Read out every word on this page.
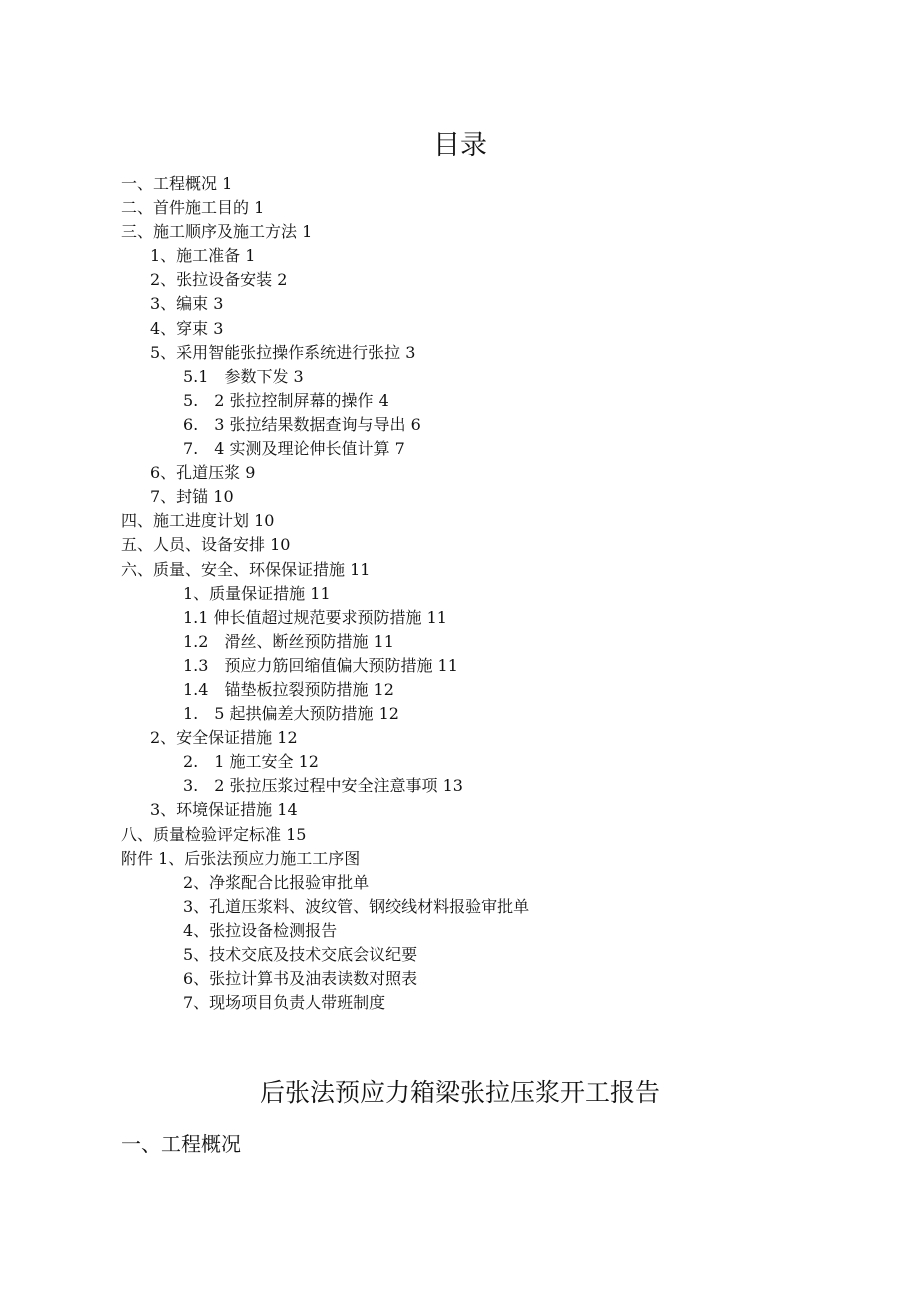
目录
一、工程概况 1
二、首件施工目的 1
三、施工顺序及施工方法 1
1、施工准备 1
2、张拉设备安装 2
3、编束 3
4、穿束 3
5、采用智能张拉操作系统进行张拉 3
5.1　参数下发 3
5.　2 张拉控制屏幕的操作 4
6.　3 张拉结果数据查询与导出 6
7.　4 实测及理论伸长值计算 7
6、孔道压浆 9
7、封锚 10
四、施工进度计划 10
五、人员、设备安排 10
六、质量、安全、环保保证措施 11
1、质量保证措施 11
1.1 伸长值超过规范要求预防措施 11
1.2　滑丝、断丝预防措施 11
1.3　预应力筋回缩值偏大预防措施 11
1.4　锚垫板拉裂预防措施 12
1.　5 起拱偏差大预防措施 12
2、安全保证措施 12
2.　1 施工安全 12
3.　2 张拉压浆过程中安全注意事项 13
3、环境保证措施 14
八、质量检验评定标准 15
附件 1、后张法预应力施工工序图
2、净浆配合比报验审批单
3、孔道压浆料、波纹管、钢绞线材料报验审批单
4、张拉设备检测报告
5、技术交底及技术交底会议纪要
6、张拉计算书及油表读数对照表
7、现场项目负责人带班制度
后张法预应力箱梁张拉压浆开工报告
一、工程概况
